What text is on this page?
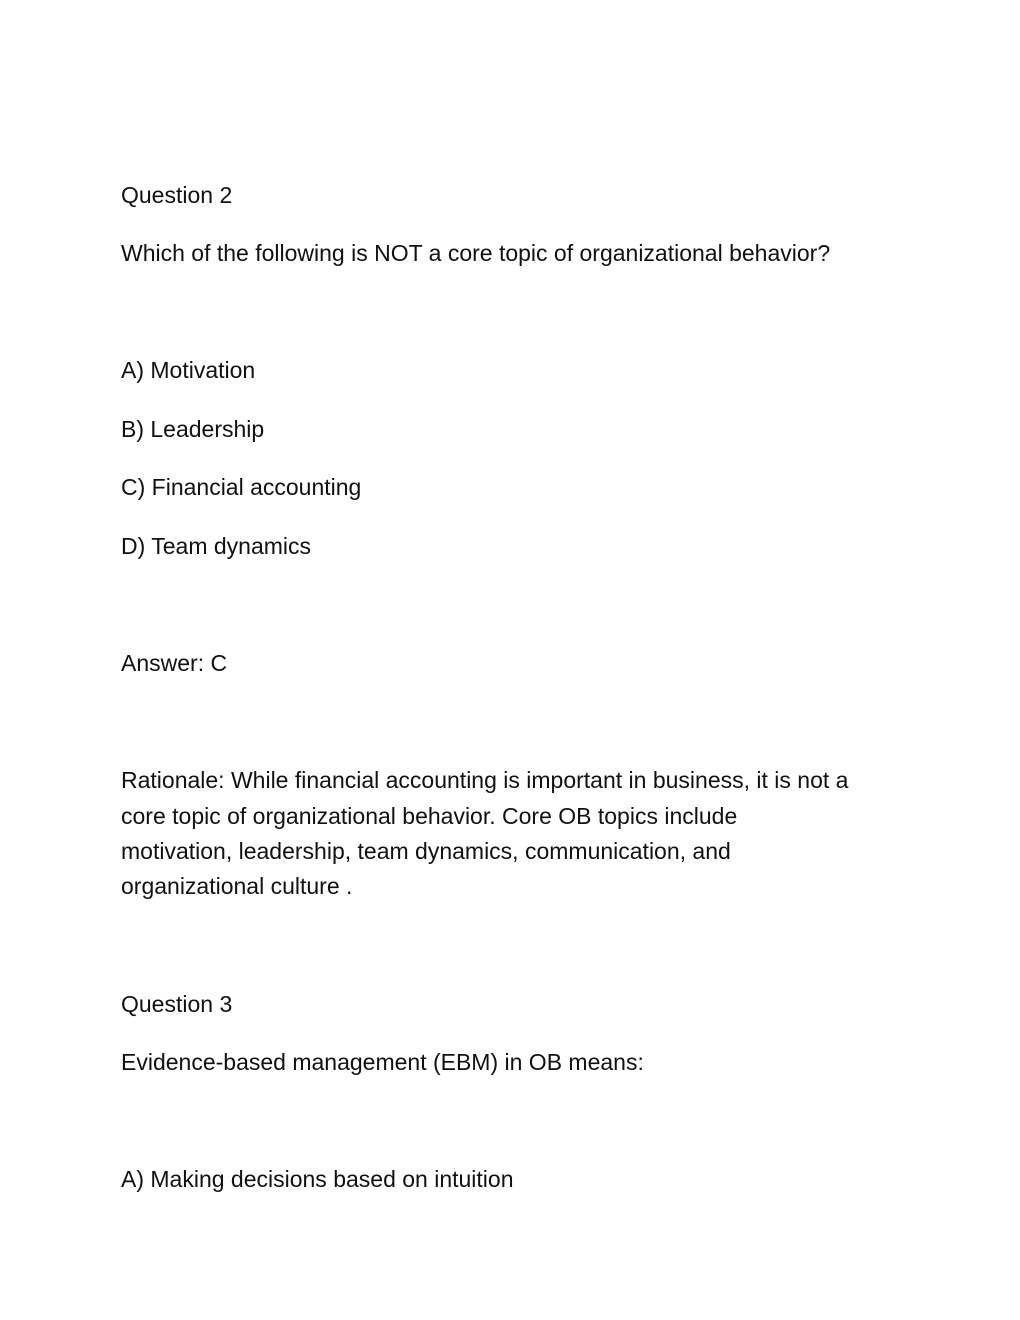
Question 2
Which of the following is NOT a core topic of organizational behavior?
A) Motivation
B) Leadership
C) Financial accounting
D) Team dynamics
Answer: C
Rationale: While financial accounting is important in business, it is not a
core topic of organizational behavior. Core OB topics include
motivation, leadership, team dynamics, communication, and
organizational culture .
Question 3
Evidence-based management (EBM) in OB means:
A) Making decisions based on intuition
